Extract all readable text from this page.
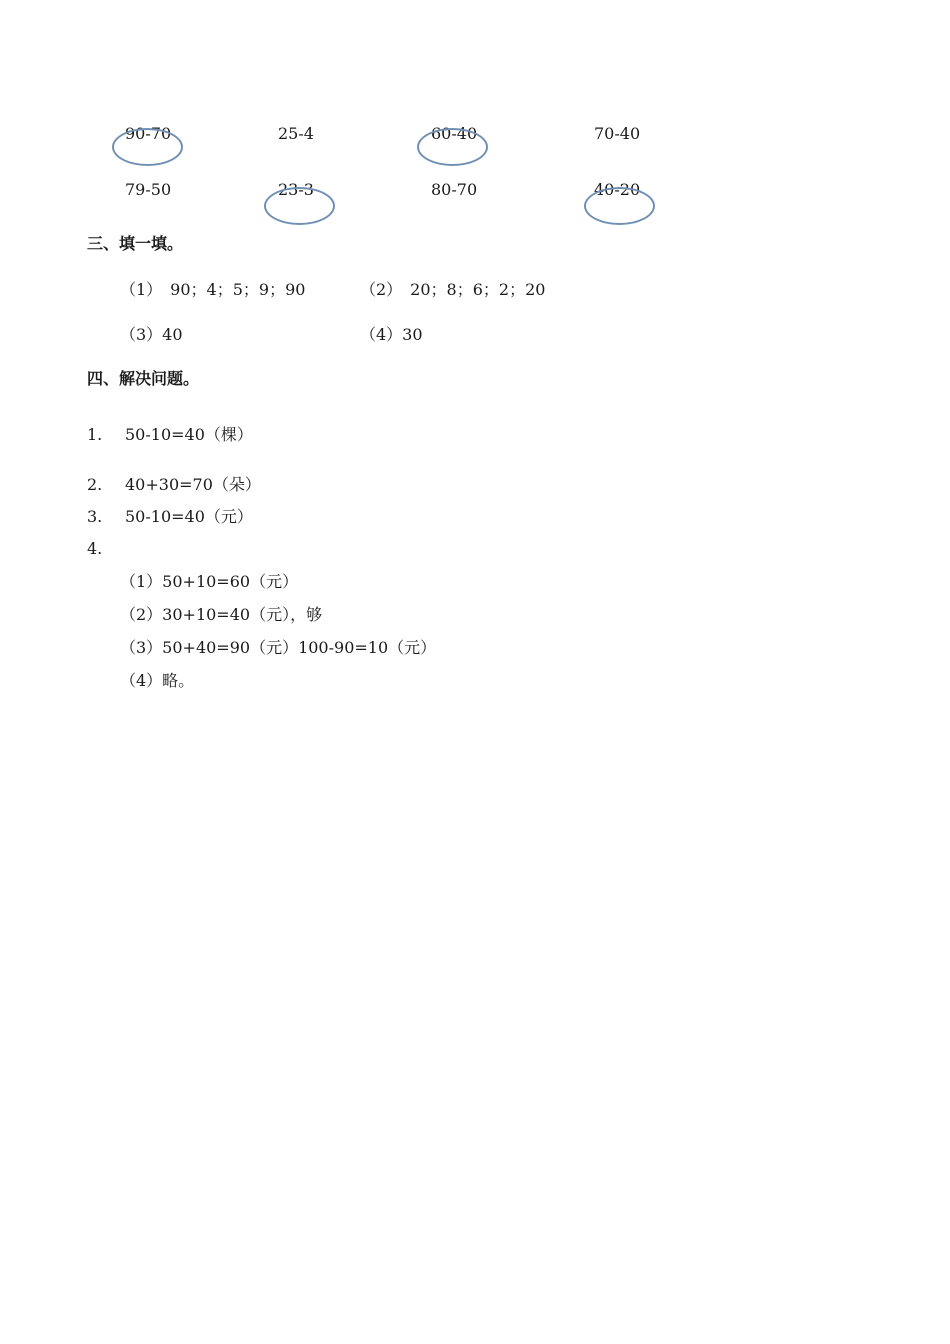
90-70	25-4	60-40	70-40
79-50	23-3	80-70	40-20
三、填一填。
（1）　90；4；5；9；90	（2）　20；8；6；2；20
（3）40	（4）30
四、解决问题。
1. 50-10=40（棵）
2. 40+30=70（朵）
3. 50-10=40（元）
4.
（1）50+10=60（元）
（2）30+10=40（元），够
（3）50+40=90（元）100-90=10（元）
（4）略。
